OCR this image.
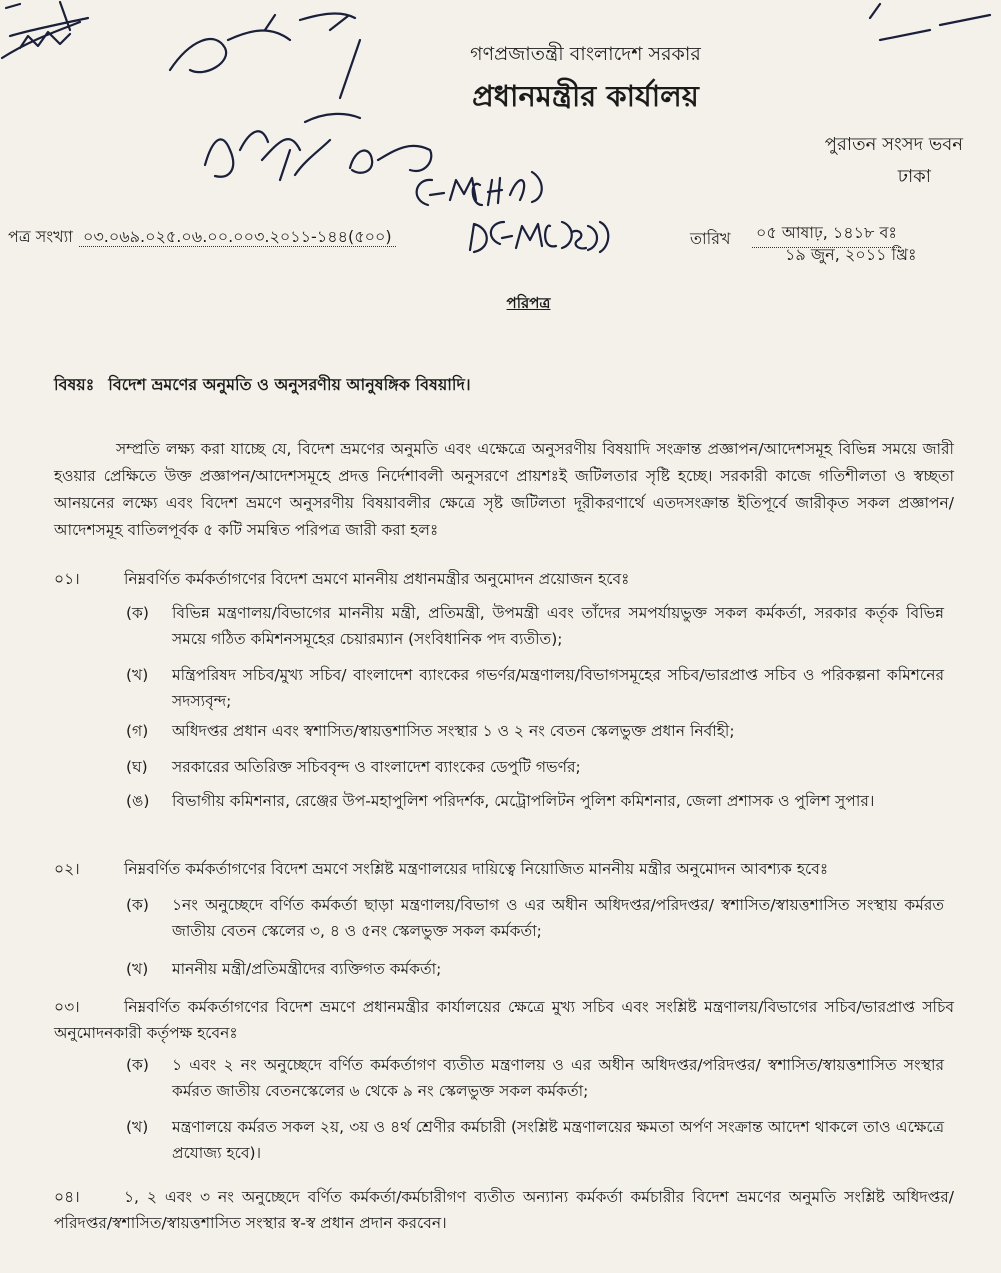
গণপ্রজাতন্ত্রী বাংলাদেশ সরকার
প্রধানমন্ত্রীর কার্যালয়
পুরাতন সংসদ ভবন
ঢাকা
পত্র সংখ্যা ০৩.০৬৯.০২৫.০৬.০০.০০৩.২০১১-১৪৪(৫০০)	তারিখ ০৫ আষাঢ়, ১৪১৮ বঃ
১৯ জুন, ২০১১ খ্রিঃ
পরিপত্র
বিষয়ঃ বিদেশ ভ্রমণের অনুমতি ও অনুসরণীয় আনুষঙ্গিক বিষয়াদি।
সম্প্রতি লক্ষ্য করা যাচ্ছে যে, বিদেশ ভ্রমণের অনুমতি এবং এক্ষেত্রে অনুসরণীয় বিষয়াদি সংক্রান্ত প্রজ্ঞাপন/আদেশসমূহ বিভিন্ন সময়ে জারী হওয়ার প্রেক্ষিতে উক্ত প্রজ্ঞাপন/আদেশসমূহে প্রদত্ত নির্দেশাবলী অনুসরণে প্রায়শঃই জটিলতার সৃষ্টি হচ্ছে। সরকারী কাজে গতিশীলতা ও স্বচ্ছতা আনয়নের লক্ষ্যে এবং বিদেশ ভ্রমণে অনুসরণীয় বিষয়াবলীর ক্ষেত্রে সৃষ্ট জটিলতা দূরীকরণার্থে এতদসংক্রান্ত ইতিপূর্বে জারীকৃত সকল প্রজ্ঞাপন/আদেশসমূহ বাতিলপূর্বক ৫ কটি সমন্বিত পরিপত্র জারী করা হলঃ
০১।	নিম্নবর্ণিত কর্মকর্তাগণের বিদেশ ভ্রমণে মাননীয় প্রধানমন্ত্রীর অনুমোদন প্রয়োজন হবেঃ
(ক)	বিভিন্ন মন্ত্রণালয়/বিভাগের মাননীয় মন্ত্রী, প্রতিমন্ত্রী, উপমন্ত্রী এবং তাঁদের সমপর্যায়ভুক্ত সকল কর্মকর্তা, সরকার কর্তৃক বিভিন্ন সময়ে গঠিত কমিশনসমূহের চেয়ারম্যান (সংবিধানিক পদ ব্যতীত);
(খ)	মন্ত্রিপরিষদ সচিব/মুখ্য সচিব/ বাংলাদেশ ব্যাংকের গভর্ণর/মন্ত্রণালয়/বিভাগসমূহের সচিব/ভারপ্রাপ্ত সচিব ও পরিকল্পনা কমিশনের সদস্যবৃন্দ;
(গ)	অধিদপ্তর প্রধান এবং স্বশাসিত/স্বায়ত্তশাসিত সংস্থার ১ ও ২ নং বেতন স্কেলভুক্ত প্রধান নির্বাহী;
(ঘ)	সরকারের অতিরিক্ত সচিববৃন্দ ও বাংলাদেশ ব্যাংকের ডেপুটি গভর্ণর;
(ঙ)	বিভাগীয় কমিশনার, রেঞ্জের উপ-মহাপুলিশ পরিদর্শক, মেট্রোপলিটন পুলিশ কমিশনার, জেলা প্রশাসক ও পুলিশ সুপার।
০২।	নিম্নবর্ণিত কর্মকর্তাগণের বিদেশ ভ্রমণে সংশ্লিষ্ট মন্ত্রণালয়ের দায়িত্বে নিয়োজিত মাননীয় মন্ত্রীর অনুমোদন আবশ্যক হবেঃ
(ক)	১নং অনুচ্ছেদে বর্ণিত কর্মকর্তা ছাড়া মন্ত্রণালয়/বিভাগ ও এর অধীন অধিদপ্তর/পরিদপ্তর/ স্বশাসিত/স্বায়ত্তশাসিত সংস্থায় কর্মরত জাতীয় বেতন স্কেলের ৩, ৪ ও ৫নং স্কেলভুক্ত সকল কর্মকর্তা;
(খ)	মাননীয় মন্ত্রী/প্রতিমন্ত্রীদের ব্যক্তিগত কর্মকর্তা;
০৩।	নিম্নবর্ণিত কর্মকর্তাগণের বিদেশ ভ্রমণে প্রধানমন্ত্রীর কার্যালয়ের ক্ষেত্রে মুখ্য সচিব এবং সংশ্লিষ্ট মন্ত্রণালয়/বিভাগের সচিব/ভারপ্রাপ্ত সচিব অনুমোদনকারী কর্তৃপক্ষ হবেনঃ
(ক)	১ এবং ২ নং অনুচ্ছেদে বর্ণিত কর্মকর্তাগণ ব্যতীত মন্ত্রণালয় ও এর অধীন অধিদপ্তর/পরিদপ্তর/ স্বশাসিত/স্বায়ত্তশাসিত সংস্থার কর্মরত জাতীয় বেতনস্কেলের ৬ থেকে ৯ নং স্কেলভুক্ত সকল কর্মকর্তা;
(খ)	মন্ত্রণালয়ে কর্মরত সকল ২য়, ৩য় ও ৪র্থ শ্রেণীর কর্মচারী (সংশ্লিষ্ট মন্ত্রণালয়ের ক্ষমতা অর্পণ সংক্রান্ত আদেশ থাকলে তাও এক্ষেত্রে প্রযোজ্য হবে)।
০৪।	১, ২ এবং ৩ নং অনুচ্ছেদে বর্ণিত কর্মকর্তা/কর্মচারীগণ ব্যতীত অন্যান্য কর্মকর্তা কর্মচারীর বিদেশ ভ্রমণের অনুমতি সংশ্লিষ্ট অধিদপ্তর/পরিদপ্তর/স্বশাসিত/স্বায়ত্তশাসিত সংস্থার স্ব-স্ব প্রধান প্রদান করবেন।
